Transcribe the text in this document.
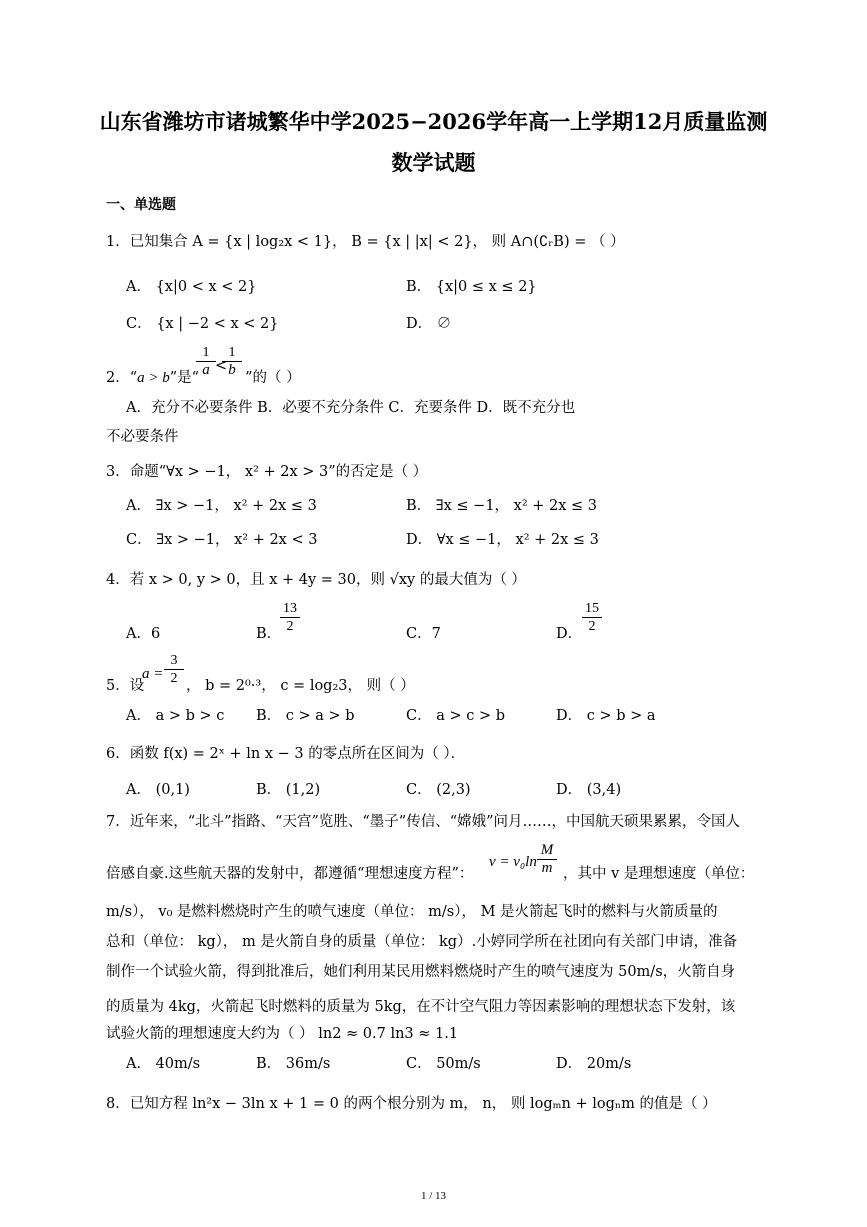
山东省潍坊市诸城繁华中学2025−2026学年高一上学期12月质量监测
数学试题
一、单选题
1．已知集合 A = {x | log₂x < 1}， B = {x | |x| < 2}， 则 A∩(∁ᵣB) = （ ）
A． {x|0 < x < 2}	B． {x|0 ≤ x ≤ 2}
C． {x | −2 < x < 2}	D． ∅
2．“a > b”是“	”的（ ）
$\frac{1}{a}$ <
$\frac{1}{b}$
A．充分不必要条件 B．必要不充分条件 C．充要条件 D．既不充分也
不必要条件
3．命题“∀x > −1， x² + 2x > 3”的否定是（ ）
A． ∃x > −1， x² + 2x ≤ 3	B． ∃x ≤ −1， x² + 2x ≤ 3
C． ∃x > −1， x² + 2x < 3	D． ∀x ≤ −1， x² + 2x ≤ 3
4．若 x > 0, y > 0，且 x + 4y = 30，则 √xy 的最大值为（ ）
A．6	B．
$\frac{13}{2}$	C．7	D． $\frac{15}{2}$
5．设
$a = \frac{3}{2}$ ， b = 2⁰·³， c = log₂3， 则（ ）
A． a > b > c B． c > a > b	C． a > c > b	D． c > b > a
6．函数 f(x) = 2ˣ + ln x − 3 的零点所在区间为（ ）．
A． (0,1)	B． (1,2)	C． (2,3)	D． (3,4)
7．近年来，“北斗”指路、“天宫”览胜、“墨子”传信、“嫦娥”问月……，中国航天硕果累累，令国人
倍感自豪.这些航天器的发射中，都遵循“理想速度方程”：
$v = v_0\ln \frac{M}{m}$ ，其中 v 是理想速度（单位：
m/s）， v₀ 是燃料燃烧时产生的喷气速度（单位： m/s）， M 是火箭起飞时的燃料与火箭质量的
总和（单位： kg）， m 是火箭自身的质量（单位： kg）.小婷同学所在社团向有关部门申请，准备
制作一个试验火箭，得到批准后，她们利用某民用燃料燃烧时产生的喷气速度为 50m/s，火箭自身
的质量为 4kg，火箭起飞时燃料的质量为 5kg，在不计空气阻力等因素影响的理想状态下发射，该
试验火箭的理想速度大约为（ ） ln2 ≈ 0.7 ln3 ≈ 1.1
A． 40m/s	B． 36m/s	C． 50m/s	D． 20m/s
8．已知方程 ln²x − 3ln x + 1 = 0 的两个根分别为 m， n， 则 logₘn + logₙm 的值是（ ）
1 / 13
